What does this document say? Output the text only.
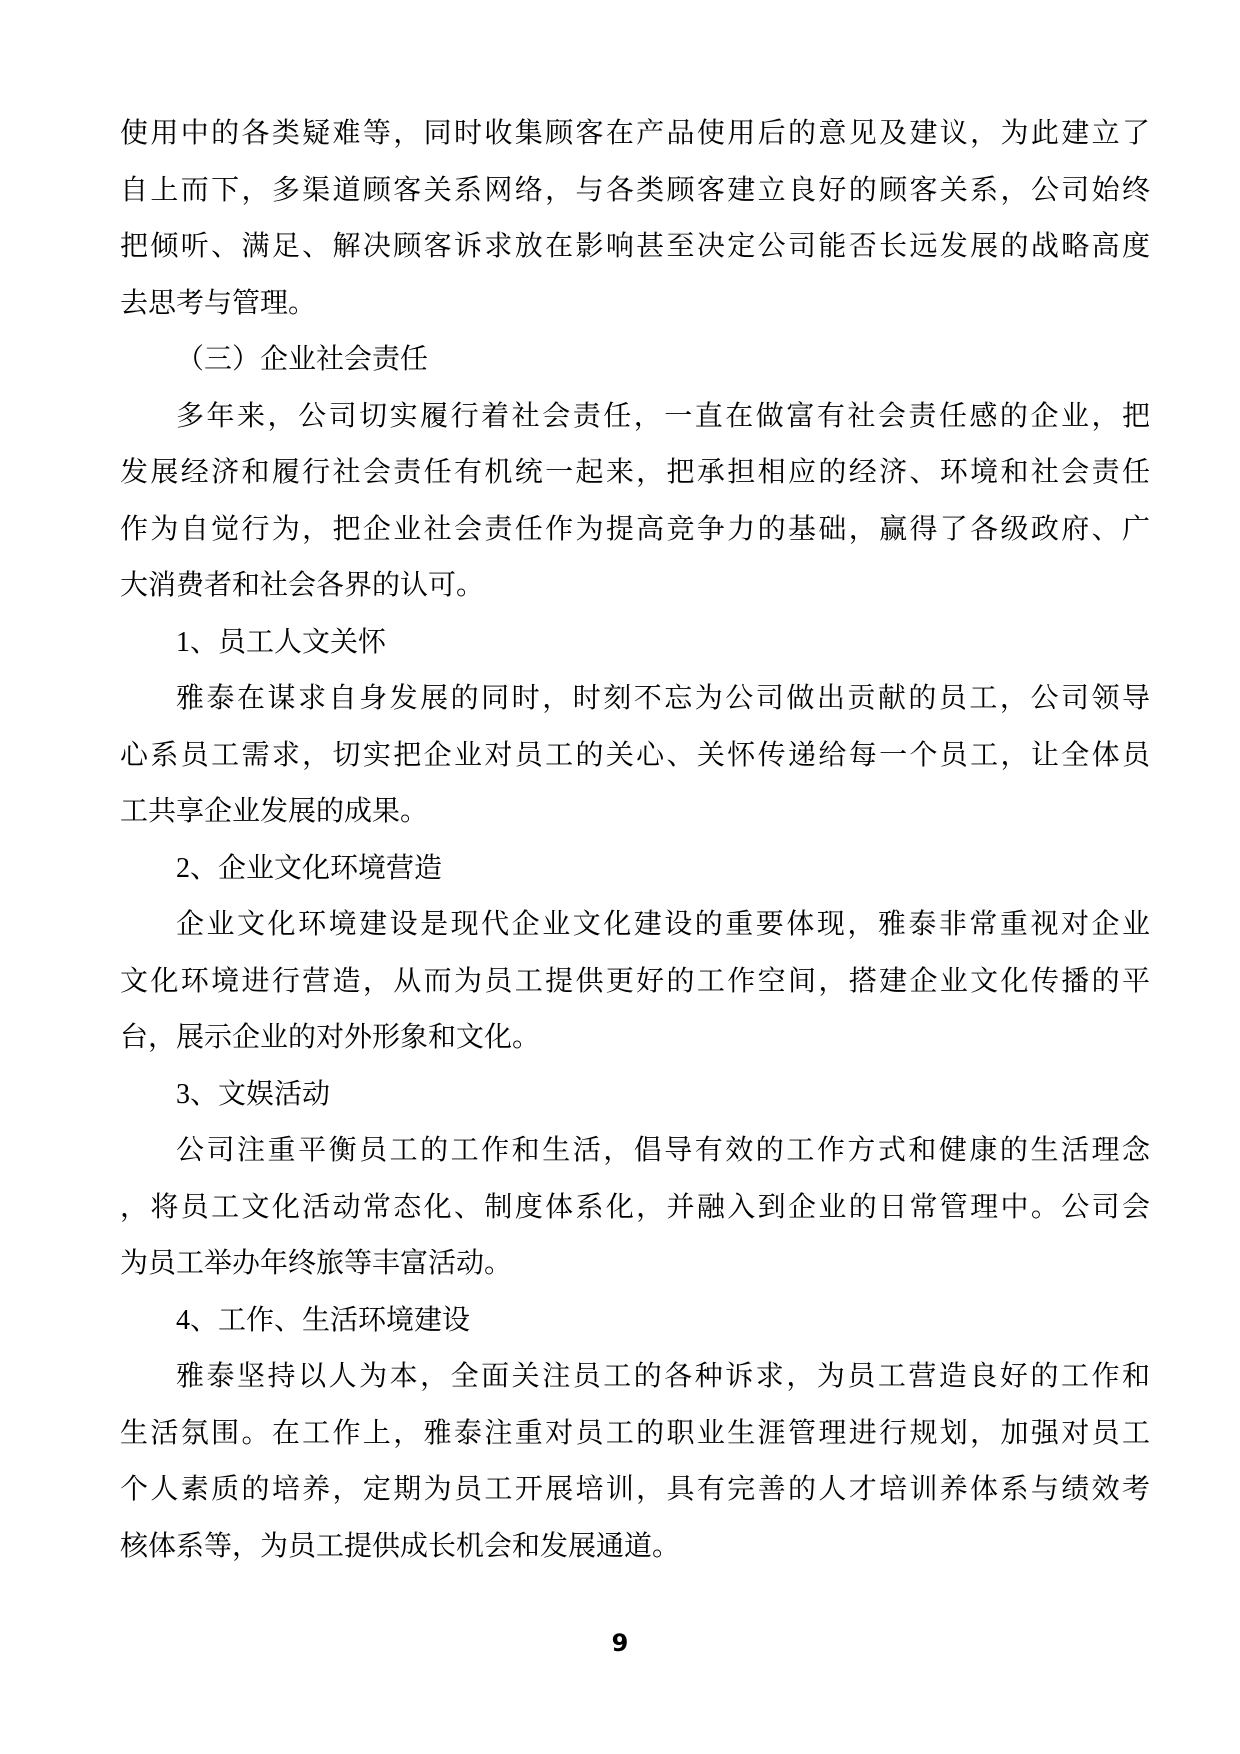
使用中的各类疑难等，同时收集顾客在产品使用后的意见及建议，为此建立了
自上而下，多渠道顾客关系网络，与各类顾客建立良好的顾客关系，公司始终
把倾听、满足、解决顾客诉求放在影响甚至决定公司能否长远发展的战略高度
去思考与管理。
（三）企业社会责任
多年来，公司切实履行着社会责任，一直在做富有社会责任感的企业，把
发展经济和履行社会责任有机统一起来，把承担相应的经济、环境和社会责任
作为自觉行为，把企业社会责任作为提高竞争力的基础，赢得了各级政府、广
大消费者和社会各界的认可。
1、员工人文关怀
雅泰在谋求自身发展的同时，时刻不忘为公司做出贡献的员工，公司领导
心系员工需求，切实把企业对员工的关心、关怀传递给每一个员工，让全体员
工共享企业发展的成果。
2、企业文化环境营造
企业文化环境建设是现代企业文化建设的重要体现，雅泰非常重视对企业
文化环境进行营造，从而为员工提供更好的工作空间，搭建企业文化传播的平
台，展示企业的对外形象和文化。
3、文娱活动
公司注重平衡员工的工作和生活，倡导有效的工作方式和健康的生活理念
，将员工文化活动常态化、制度体系化，并融入到企业的日常管理中。公司会
为员工举办年终旅等丰富活动。
4、工作、生活环境建设
雅泰坚持以人为本，全面关注员工的各种诉求，为员工营造良好的工作和
生活氛围。在工作上，雅泰注重对员工的职业生涯管理进行规划，加强对员工
个人素质的培养，定期为员工开展培训，具有完善的人才培训养体系与绩效考
核体系等，为员工提供成长机会和发展通道。
9
